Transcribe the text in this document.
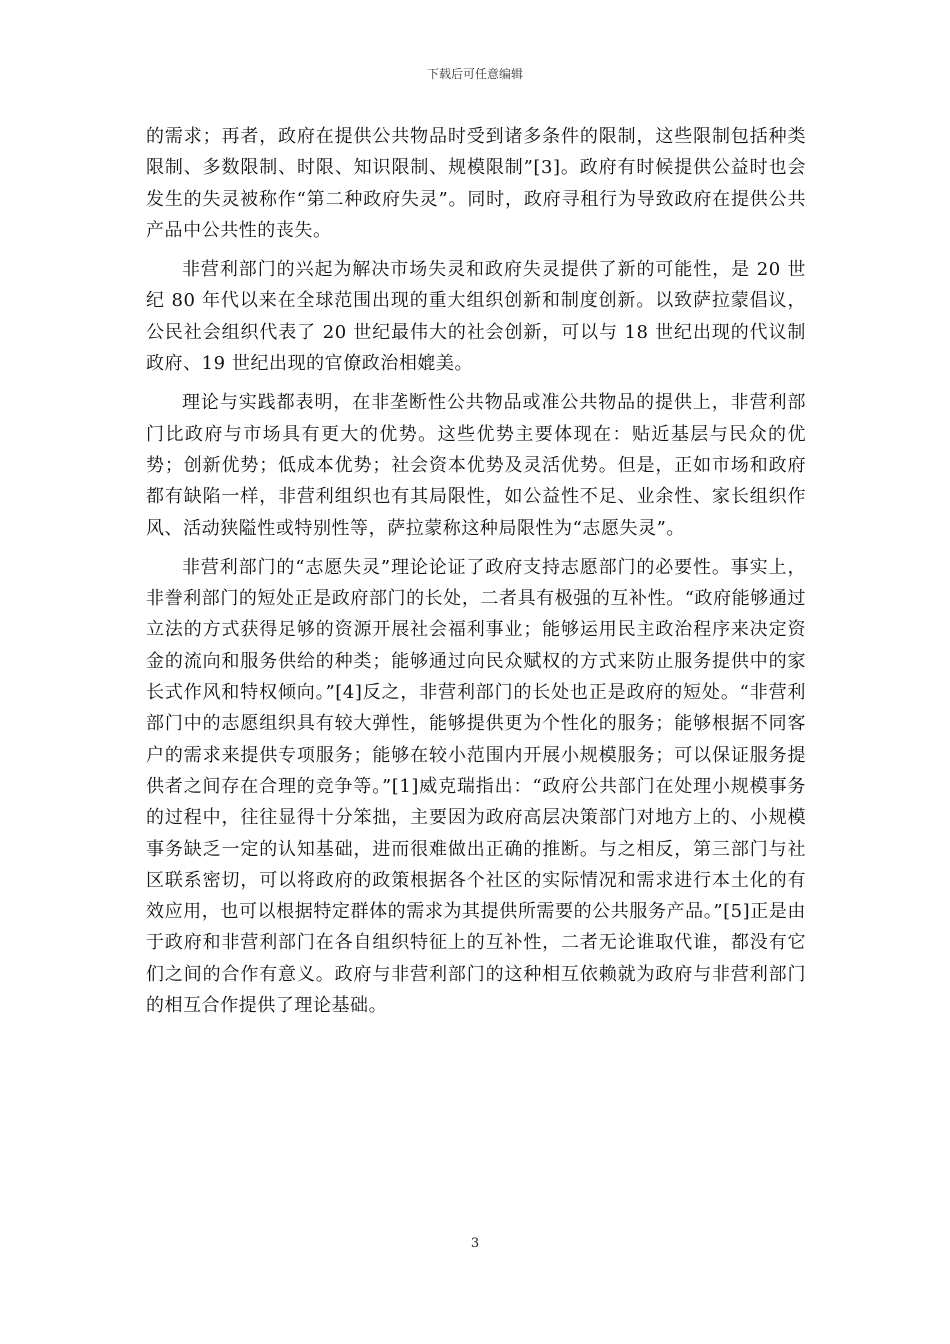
下载后可任意编辑

的需求；再者，政府在提供公共物品时受到诸多条件的限制，这些限制包括种类限制、多数限制、时限、知识限制、规模限制”[3]。政府有时候提供公益时也会发生的失灵被称作“第二种政府失灵”。同时，政府寻租行为导致政府在提供公共产品中公共性的丧失。

非营利部门的兴起为解决市场失灵和政府失灵提供了新的可能性，是 20 世纪 80 年代以来在全球范围出现的重大组织创新和制度创新。以致萨拉蒙倡议，公民社会组织代表了 20 世纪最伟大的社会创新，可以与 18 世纪出现的代议制政府、19 世纪出现的官僚政治相媲美。

理论与实践都表明，在非垄断性公共物品或准公共物品的提供上，非营利部门比政府与市场具有更大的优势。这些优势主要体现在：贴近基层与民众的优势；创新优势；低成本优势；社会资本优势及灵活优势。但是，正如市场和政府都有缺陷一样，非营利组织也有其局限性，如公益性不足、业余性、家长组织作风、活动狭隘性或特别性等，萨拉蒙称这种局限性为“志愿失灵”。

非营利部门的“志愿失灵”理论论证了政府支持志愿部门的必要性。事实上，非誊利部门的短处正是政府部门的长处，二者具有极强的互补性。“政府能够通过立法的方式获得足够的资源开展社会福利事业；能够运用民主政治程序来决定资金的流向和服务供给的种类；能够通过向民众赋权的方式来防止服务提供中的家长式作风和特权倾向。”[4]反之，非营利部门的长处也正是政府的短处。“非营利部门中的志愿组织具有较大弹性，能够提供更为个性化的服务；能够根据不同客户的需求来提供专项服务；能够在较小范围内开展小规模服务；可以保证服务提供者之间存在合理的竞争等。”[1]威克瑞指出：“政府公共部门在处理小规模事务的过程中，往往显得十分笨拙，主要因为政府高层决策部门对地方上的、小规模事务缺乏一定的认知基础，进而很难做出正确的推断。与之相反，第三部门与社区联系密切，可以将政府的政策根据各个社区的实际情况和需求进行本土化的有效应用，也可以根据特定群体的需求为其提供所需要的公共服务产品。”[5]正是由于政府和非营利部门在各自组织特征上的互补性，二者无论谁取代谁，都没有它们之间的合作有意义。政府与非营利部门的这种相互依赖就为政府与非营利部门的相互合作提供了理论基础。

3
